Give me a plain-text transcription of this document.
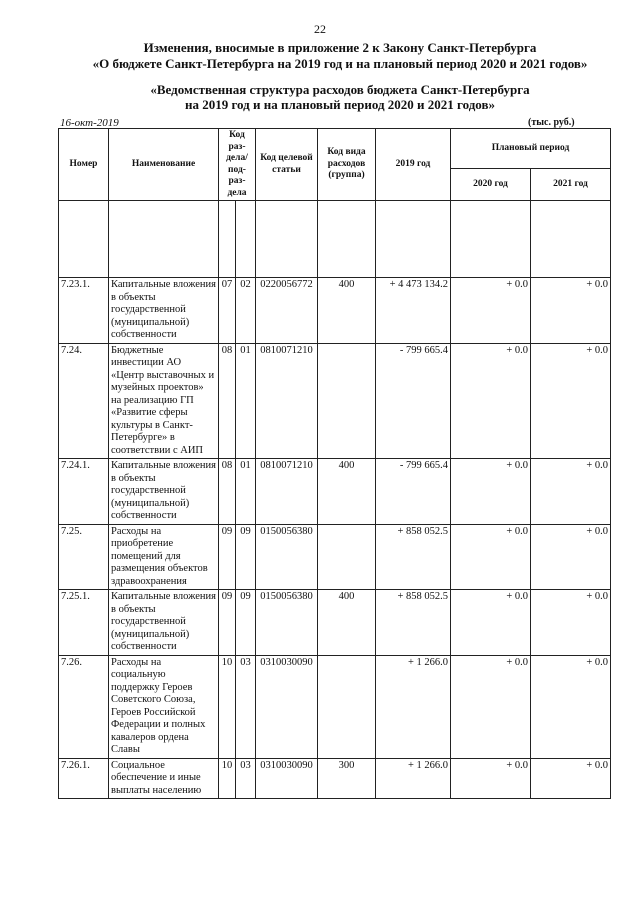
22
Изменения, вносимые в приложение 2 к Закону Санкт-Петербурга
«О бюджете Санкт-Петербурга на 2019 год и на плановый период 2020 и 2021 годов»
«Ведомственная структура расходов бюджета Санкт-Петербурга
на 2019 год и на плановый период 2020 и 2021 годов»
16-окт-2019	(тыс. руб.)
Номер	Наименование	Код раз-дела/ под-раз-дела		Код целевой статьи	Код вида расходов (группа)	2019 год	Плановый период	
							2020 год	2021 год

7.23.1.	Капитальные вложения в объекты государственной (муниципальной) собственности	07	02	0220056772	400	+ 4 473 134.2	+ 0.0	+ 0.0
7.24.	Бюджетные инвестиции АО «Центр выставочных и музейных проектов» на реализацию ГП «Развитие сферы культуры в Санкт-Петербурге» в соответствии с АИП	08	01	0810071210		- 799 665.4	+ 0.0	+ 0.0
7.24.1.	Капитальные вложения в объекты государственной (муниципальной) собственности	08	01	0810071210	400	- 799 665.4	+ 0.0	+ 0.0
7.25.	Расходы на приобретение помещений для размещения объектов здравоохранения	09	09	0150056380		+ 858 052.5	+ 0.0	+ 0.0
7.25.1.	Капитальные вложения в объекты государственной (муниципальной) собственности	09	09	0150056380	400	+ 858 052.5	+ 0.0	+ 0.0
7.26.	Расходы на социальную поддержку Героев Советского Союза, Героев Российской Федерации и полных кавалеров ордена Славы	10	03	0310030090		+ 1 266.0	+ 0.0	+ 0.0
7.26.1.	Социальное обеспечение и иные выплаты населению	10	03	0310030090	300	+ 1 266.0	+ 0.0	+ 0.0
